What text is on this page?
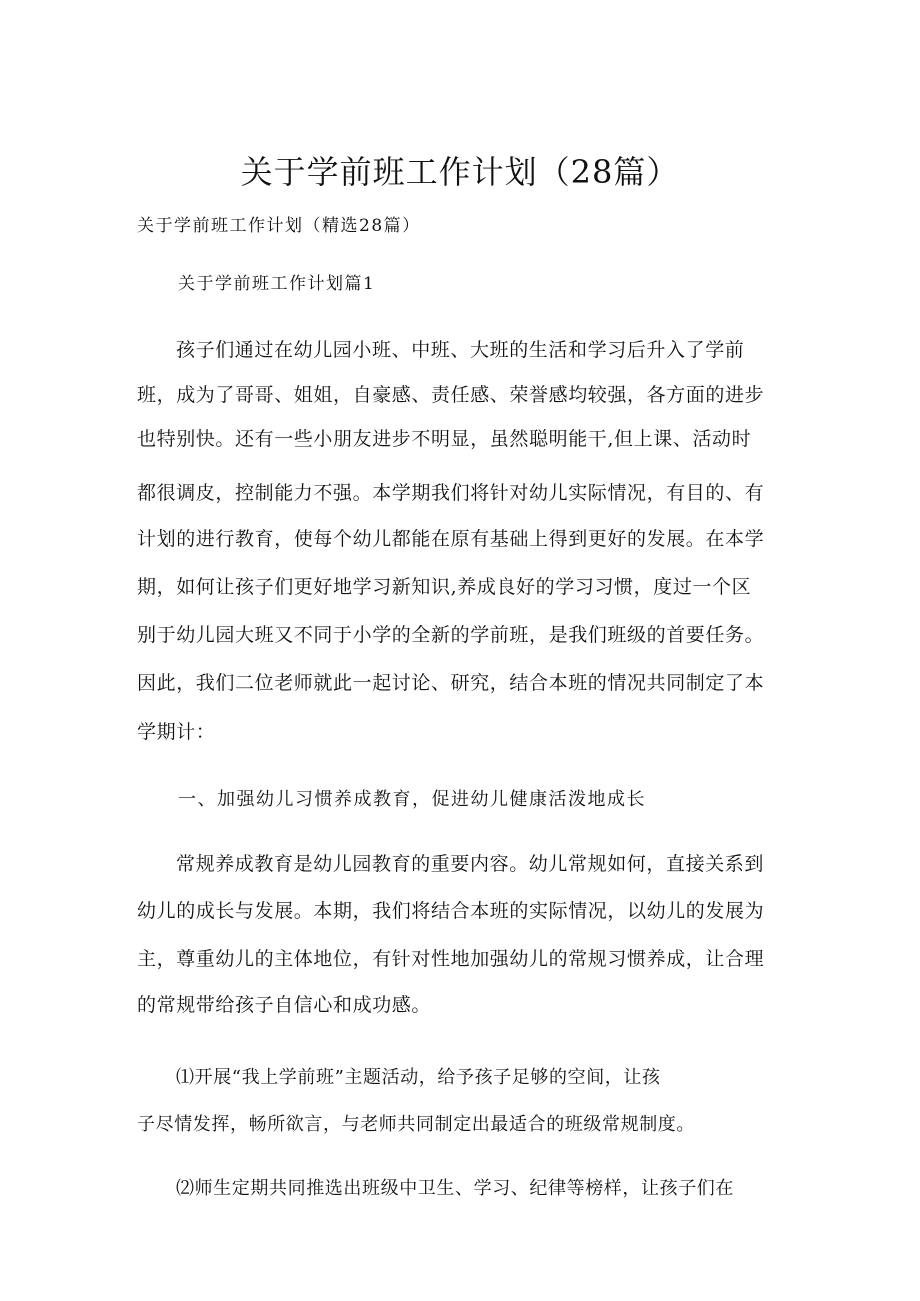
关于学前班工作计划（28篇）
关于学前班工作计划（精选28篇）
关于学前班工作计划篇1
孩子们通过在幼儿园小班、中班、大班的生活和学习后升入了学前
班，成为了哥哥、姐姐，自豪感、责任感、荣誉感均较强，各方面的进步
也特别快。还有一些小朋友进步不明显，虽然聪明能干,但上课、活动时
都很调皮，控制能力不强。本学期我们将针对幼儿实际情况，有目的、有
计划的进行教育，使每个幼儿都能在原有基础上得到更好的发展。在本学
期，如何让孩子们更好地学习新知识,养成良好的学习习惯，度过一个区
别于幼儿园大班又不同于小学的全新的学前班，是我们班级的首要任务。
因此，我们二位老师就此一起讨论、研究，结合本班的情况共同制定了本
学期计：
一、加强幼儿习惯养成教育，促进幼儿健康活泼地成长
常规养成教育是幼儿园教育的重要内容。幼儿常规如何，直接关系到
幼儿的成长与发展。本期，我们将结合本班的实际情况，以幼儿的发展为
主，尊重幼儿的主体地位，有针对性地加强幼儿的常规习惯养成，让合理
的常规带给孩子自信心和成功感。
⑴开展“我上学前班”主题活动，给予孩子足够的空间，让孩
子尽情发挥，畅所欲言，与老师共同制定出最适合的班级常规制度。
⑵师生定期共同推选出班级中卫生、学习、纪律等榜样，让孩子们在
